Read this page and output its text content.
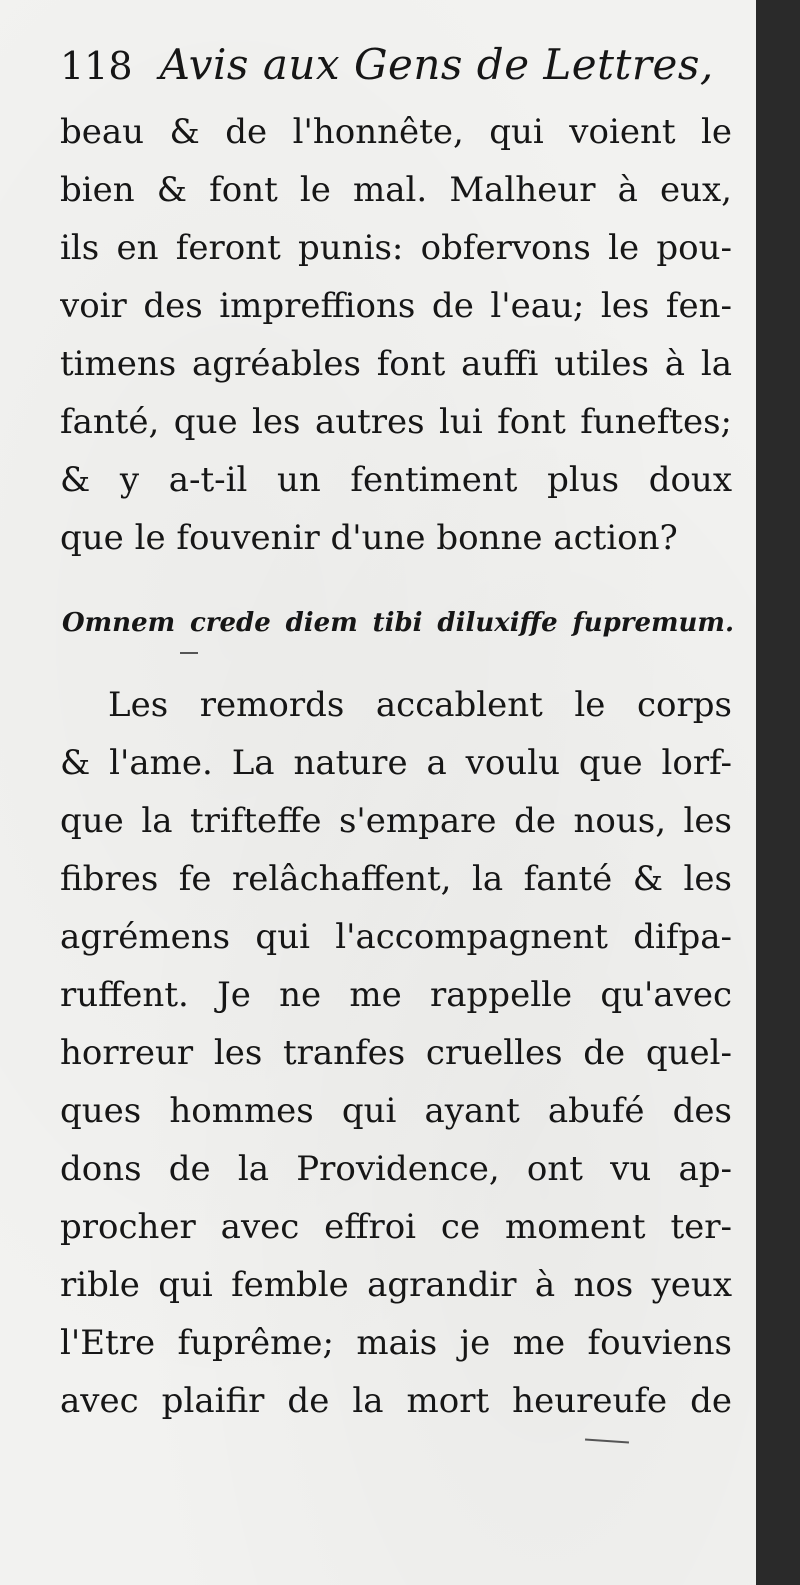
118 Avis aux Gens de Lettres,
beau & de l'honnête, qui voient le
bien & font le mal. Malheur à eux,
ils en feront punis: obfervons le pou-
voir des impreffions de l'eau; les fen-
timens agréables font auffi utiles à la
fanté, que les autres lui font funeftes;
& y a-t-il un fentiment plus doux
que le fouvenir d'une bonne action?
Omnem crede diem tibi diluxiffe fupremum.
Les remords accablent le corps
& l'ame. La nature a voulu que lorf-
que la trifteffe s'empare de nous, les
fibres fe relâchaffent, la fanté & les
agrémens qui l'accompagnent difpa-
ruffent. Je ne me rappelle qu'avec
horreur les tranfes cruelles de quel-
ques hommes qui ayant abufé des
dons de la Providence, ont vu ap-
procher avec effroi ce moment ter-
rible qui femble agrandir à nos yeux
l'Etre fuprême; mais je me fouviens
avec plaifir de la mort heureufe de
